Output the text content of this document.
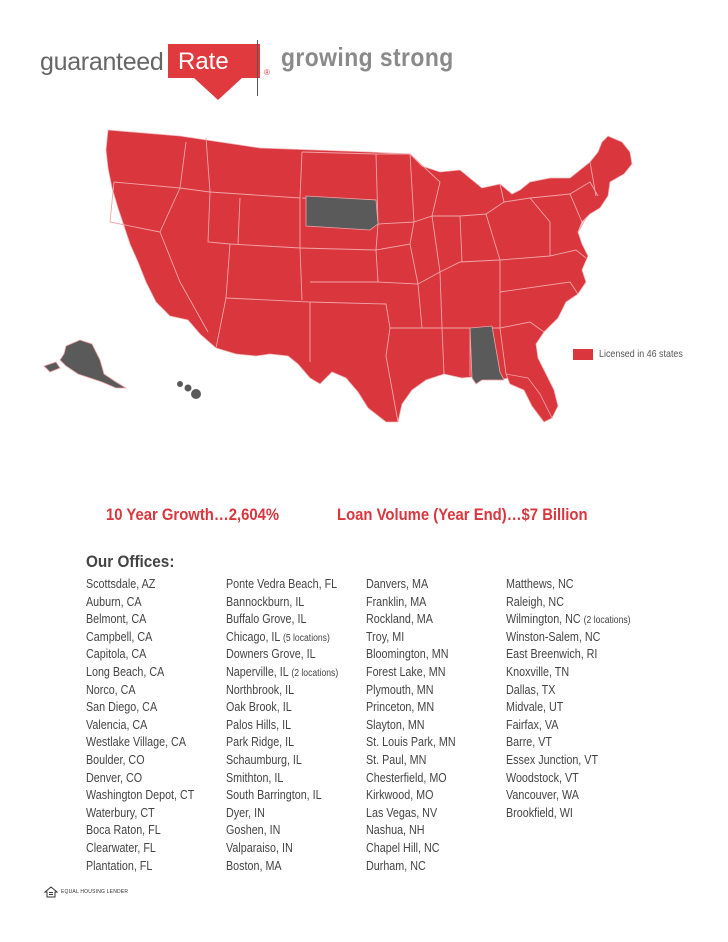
guaranteed Rate	®
growing strong
Licensed in 46 states
10 Year Growth…2,604%	Loan Volume (Year End)…$7 Billion
Our Offices:
Scottsdale, AZ
Auburn, CA
Belmont, CA
Campbell, CA
Capitola, CA
Long Beach, CA
Norco, CA
San Diego, CA
Valencia, CA
Westlake Village, CA
Boulder, CO
Denver, CO
Washington Depot, CT
Waterbury, CT
Boca Raton, FL
Clearwater, FL
Plantation, FL
Ponte Vedra Beach, FL
Bannockburn, IL
Buffalo Grove, IL
Chicago, IL (5 locations)
Downers Grove, IL
Naperville, IL (2 locations)
Northbrook, IL
Oak Brook, IL
Palos Hills, IL
Park Ridge, IL
Schaumburg, IL
Smithton, IL
South Barrington, IL
Dyer, IN
Goshen, IN
Valparaiso, IN
Boston, MA
Danvers, MA
Franklin, MA
Rockland, MA
Troy, MI
Bloomington, MN
Forest Lake, MN
Plymouth, MN
Princeton, MN
Slayton, MN
St. Louis Park, MN
St. Paul, MN
Chesterfield, MO
Kirkwood, MO
Las Vegas, NV
Nashua, NH
Chapel Hill, NC
Durham, NC
Matthews, NC
Raleigh, NC
Wilmington, NC (2 locations)
Winston-Salem, NC
East Breenwich, RI
Knoxville, TN
Dallas, TX
Midvale, UT
Fairfax, VA
Barre, VT
Essex Junction, VT
Woodstock, VT
Vancouver, WA
Brookfield, WI
EQUAL HOUSING LENDER
